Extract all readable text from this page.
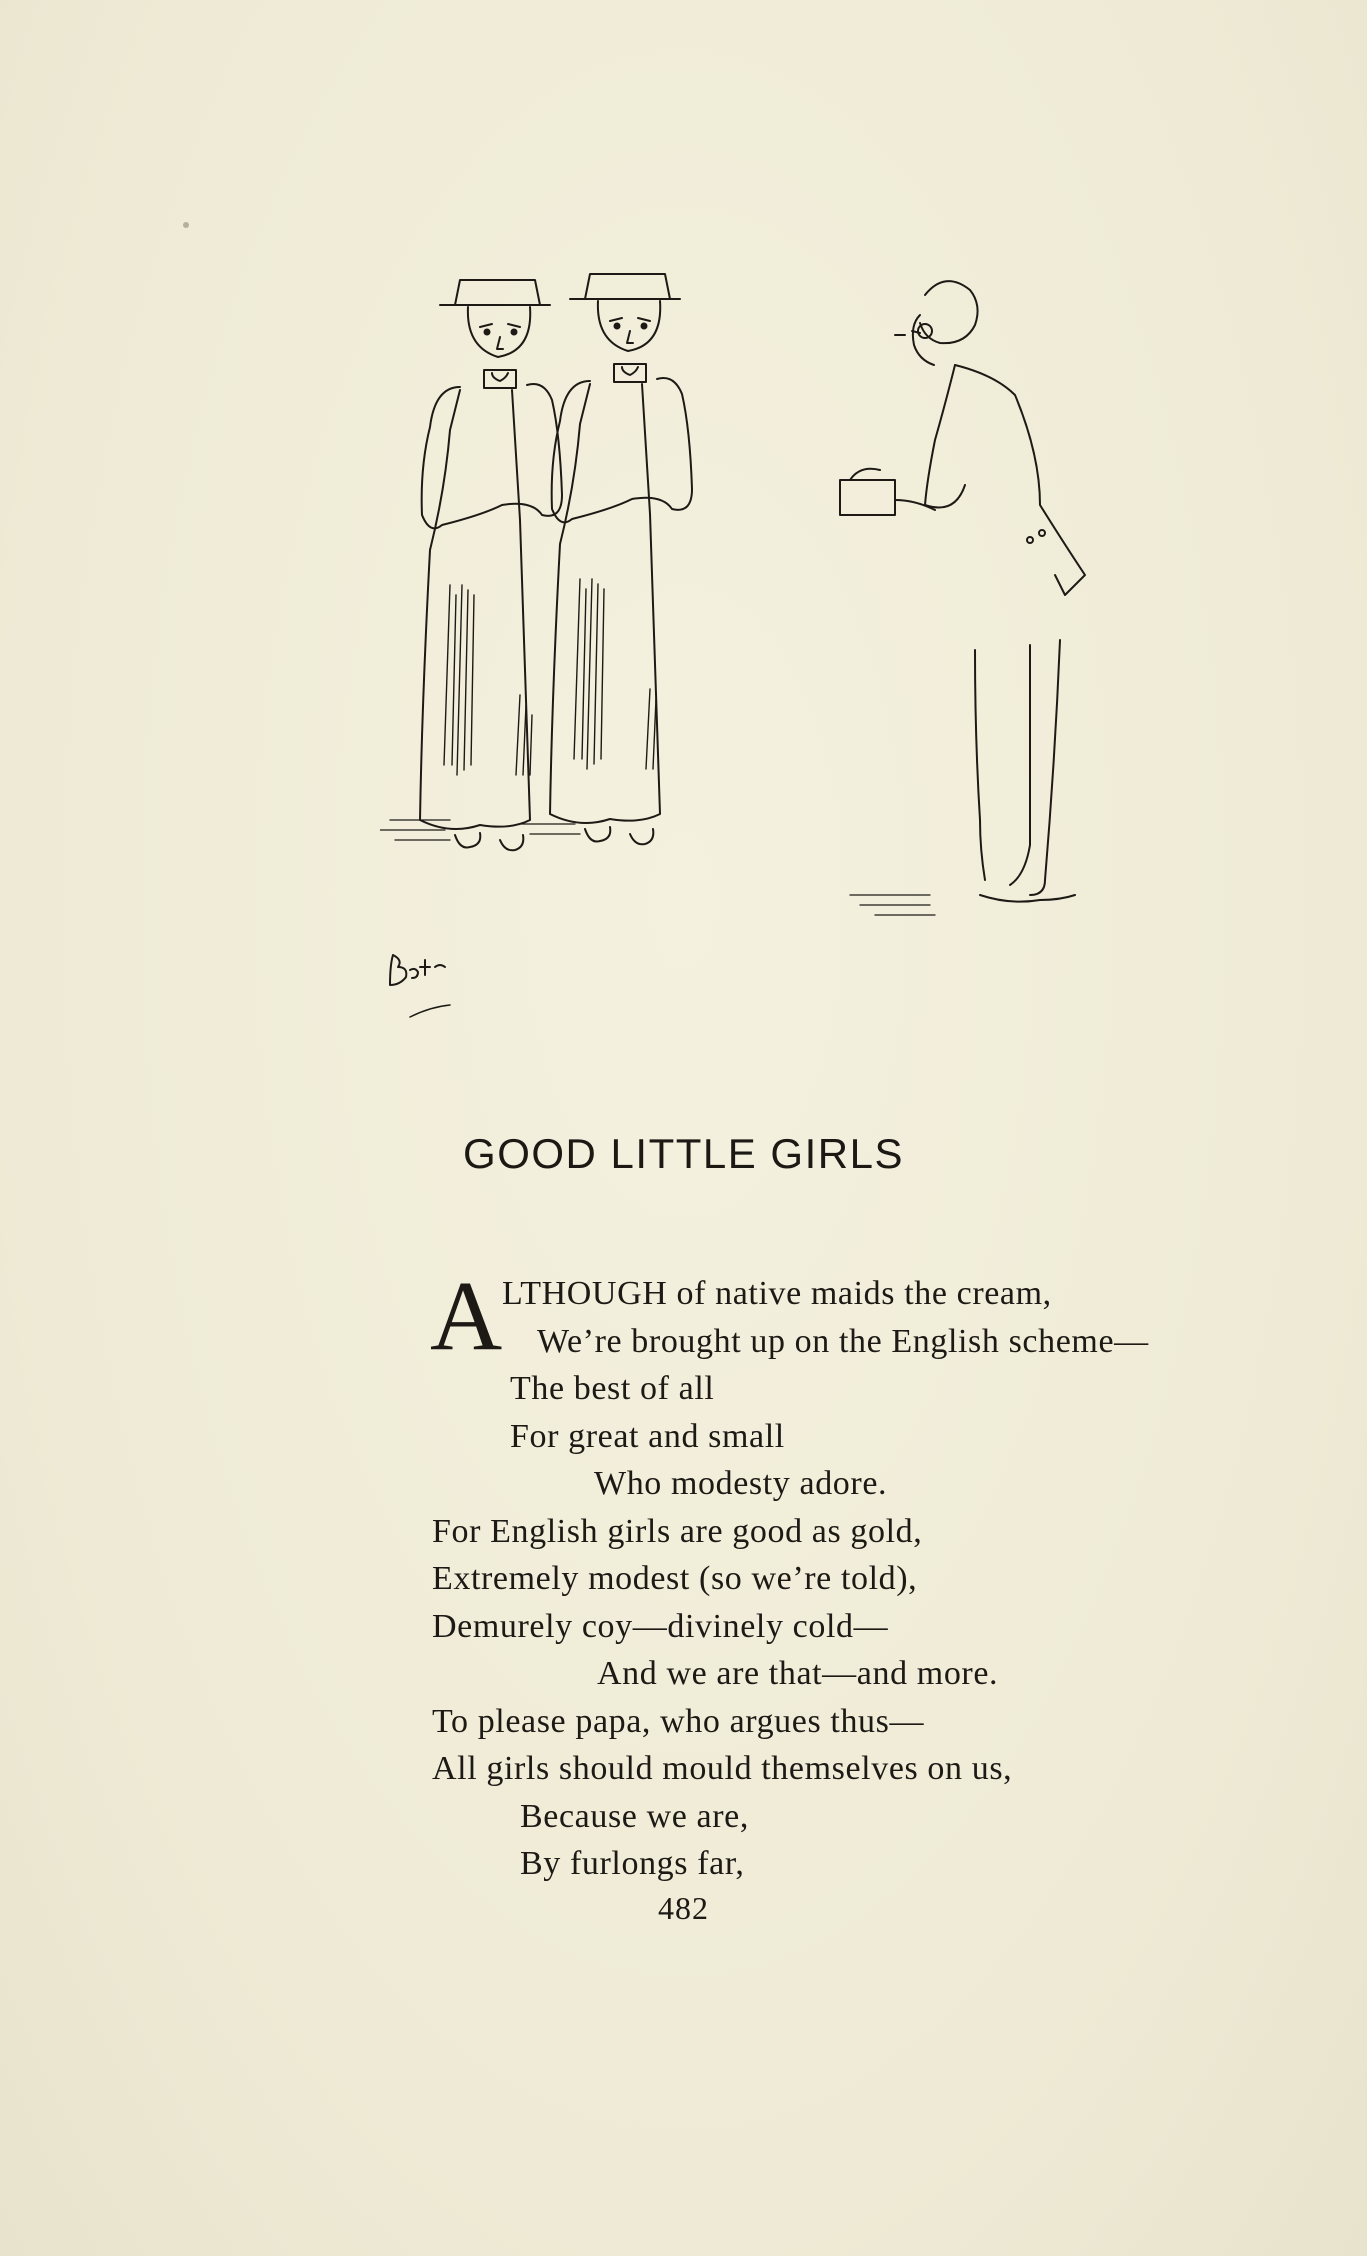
GOOD LITTLE GIRLS
A LTHOUGH of native maids the cream,
We’re brought up on the English scheme—
The best of all
For great and small
Who modesty adore.
For English girls are good as gold,
Extremely modest (so we’re told),
Demurely coy—divinely cold—
And we are that—and more.
To please papa, who argues thus—
All girls should mould themselves on us,
Because we are,
By furlongs far,
482
